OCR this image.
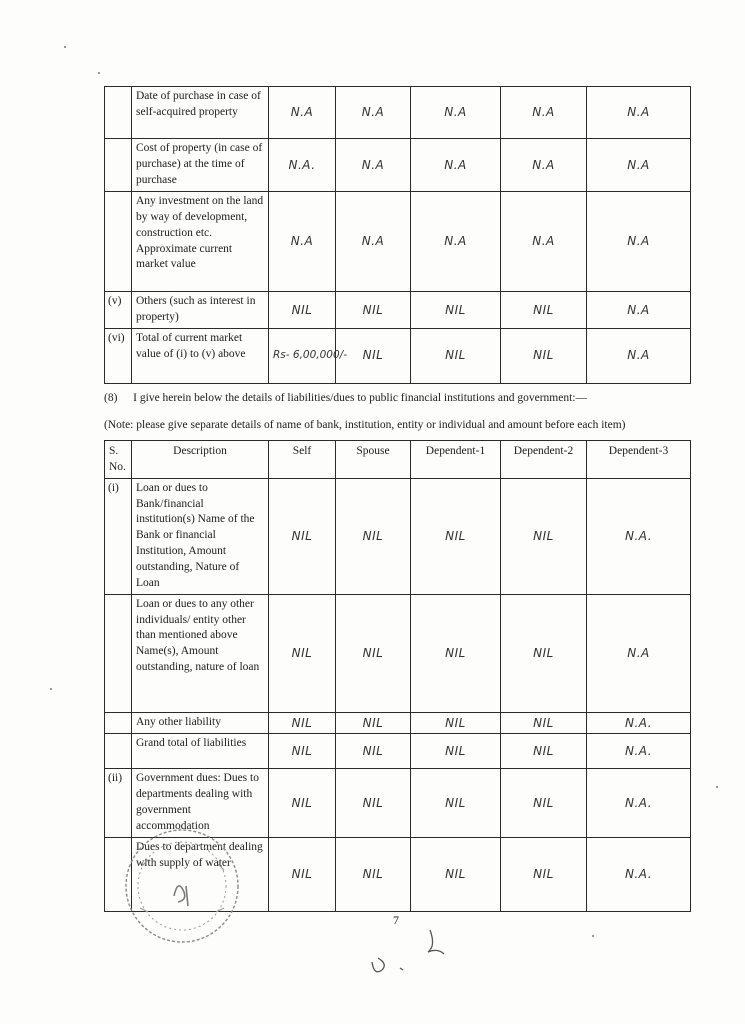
	Date of purchase in case of self-acquired property	N.A	N.A	N.A	N.A	N.A
	Cost of property (in case of purchase) at the time of purchase	N.A.	N.A	N.A	N.A	N.A
	Any investment on the land by way of development, construction etc. Approximate current market value	N.A	N.A	N.A	N.A	N.A
(v)	Others (such as interest in property)	NIL	NIL	NIL	NIL	N.A
(vi)	Total of current market value of (i) to (v) above	Rs- 6,00,000/-	NIL	NIL	NIL	N.A
(8) I give herein below the details of liabilities/dues to public financial institutions and government:—
(Note: please give separate details of name of bank, institution, entity or individual and amount before each item)
S. No.	Description	Self	Spouse	Dependent-1	Dependent-2	Dependent-3
(i)	Loan or dues to Bank/financial institution(s) Name of the Bank or financial Institution, Amount outstanding, Nature of Loan	NIL	NIL	NIL	NIL	N.A.
	Loan or dues to any other individuals/ entity other than mentioned above Name(s), Amount outstanding, nature of loan	NIL	NIL	NIL	NIL	N.A
	Any other liability	NIL	NIL	NIL	NIL	N.A.
	Grand total of liabilities	NIL	NIL	NIL	NIL	N.A.
(ii)	Government dues: Dues to departments dealing with government accommodation	NIL	NIL	NIL	NIL	N.A.
	Dues to department dealing with supply of water	NIL	NIL	NIL	NIL	N.A.
7
